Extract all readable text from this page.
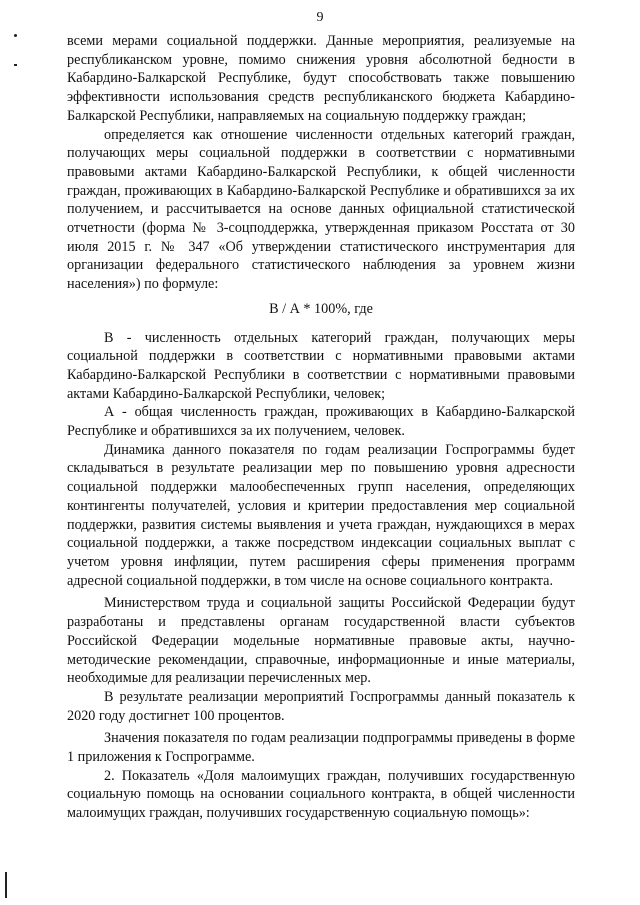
9

всеми мерами социальной поддержки. Данные мероприятия, реализуемые на республиканском уровне, помимо снижения уровня абсолютной бедности в Кабардино-Балкарской Республике, будут способствовать также повышению эффективности использования средств республиканского бюджета Кабардино-Балкарской Республики, направляемых на социальную поддержку граждан;

определяется как отношение численности отдельных категорий граждан, получающих меры социальной поддержки в соответствии с нормативными правовыми актами Кабардино-Балкарской Республики, к общей численности граждан, проживающих в Кабардино-Балкарской Республике и обратившихся за их получением, и рассчитывается на основе данных официальной статистической отчетности (форма № 3-соцподдержка, утвержденная приказом Росстата от 30 июля 2015 г. № 347 «Об утверждении статистического инструментария для организации федерального статистического наблюдения за уровнем жизни населения») по формуле:

В / А * 100%, где

В - численность отдельных категорий граждан, получающих меры социальной поддержки в соответствии с нормативными правовыми актами Кабардино-Балкарской Республики в соответствии с нормативными правовыми актами Кабардино-Балкарской Республики, человек;

А - общая численность граждан, проживающих в Кабардино-Балкарской Республике и обратившихся за их получением, человек.

Динамика данного показателя по годам реализации Госпрограммы будет складываться в результате реализации мер по повышению уровня адресности социальной поддержки малообеспеченных групп населения, определяющих контингенты получателей, условия и критерии предоставления мер социальной поддержки, развития системы выявления и учета граждан, нуждающихся в мерах социальной поддержки, а также посредством индексации социальных выплат с учетом уровня инфляции, путем расширения сферы применения программ адресной социальной поддержки, в том числе на основе социального контракта.

Министерством труда и социальной защиты Российской Федерации будут разработаны и представлены органам государственной власти субъектов Российской Федерации модельные нормативные правовые акты, научно-методические рекомендации, справочные, информационные и иные материалы, необходимые для реализации перечисленных мер.

В результате реализации мероприятий Госпрограммы данный показатель к 2020 году достигнет 100 процентов.

Значения показателя по годам реализации подпрограммы приведены в форме 1 приложения к Госпрограмме.

2. Показатель «Доля малоимущих граждан, получивших государственную социальную помощь на основании социального контракта, в общей численности малоимущих граждан, получивших государственную социальную помощь»:
